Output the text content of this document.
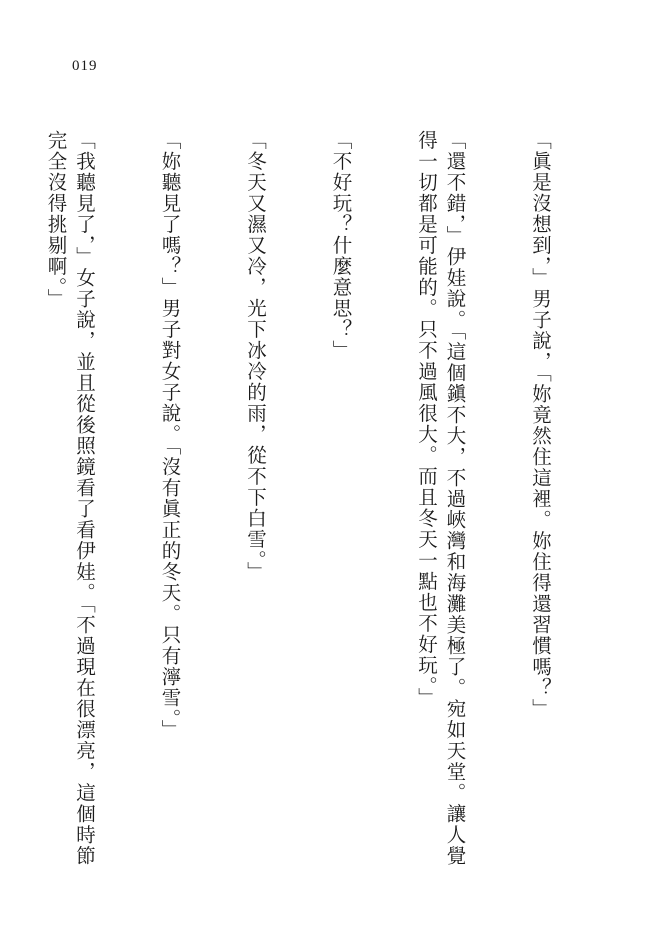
019

「眞是沒想到，」男子說，「妳竟然住這裡。妳住得還習慣嗎？」

「還不錯，」伊娃說。「這個鎭不大，不過峽灣和海灘美極了。宛如天堂。讓人覺得一切都是可能的。只不過風很大。而且冬天一點也不好玩。」

「不好玩？什麼意思？」

「冬天又濕又冷，光下冰冷的雨，從不下白雪。」

「妳聽見了嗎？」男子對女子說。「沒有眞正的冬天。只有濘雪。」

「我聽見了，」女子說，並且從後照鏡看了看伊娃。「不過現在很漂亮，這個時節完全沒得挑剔啊。」
